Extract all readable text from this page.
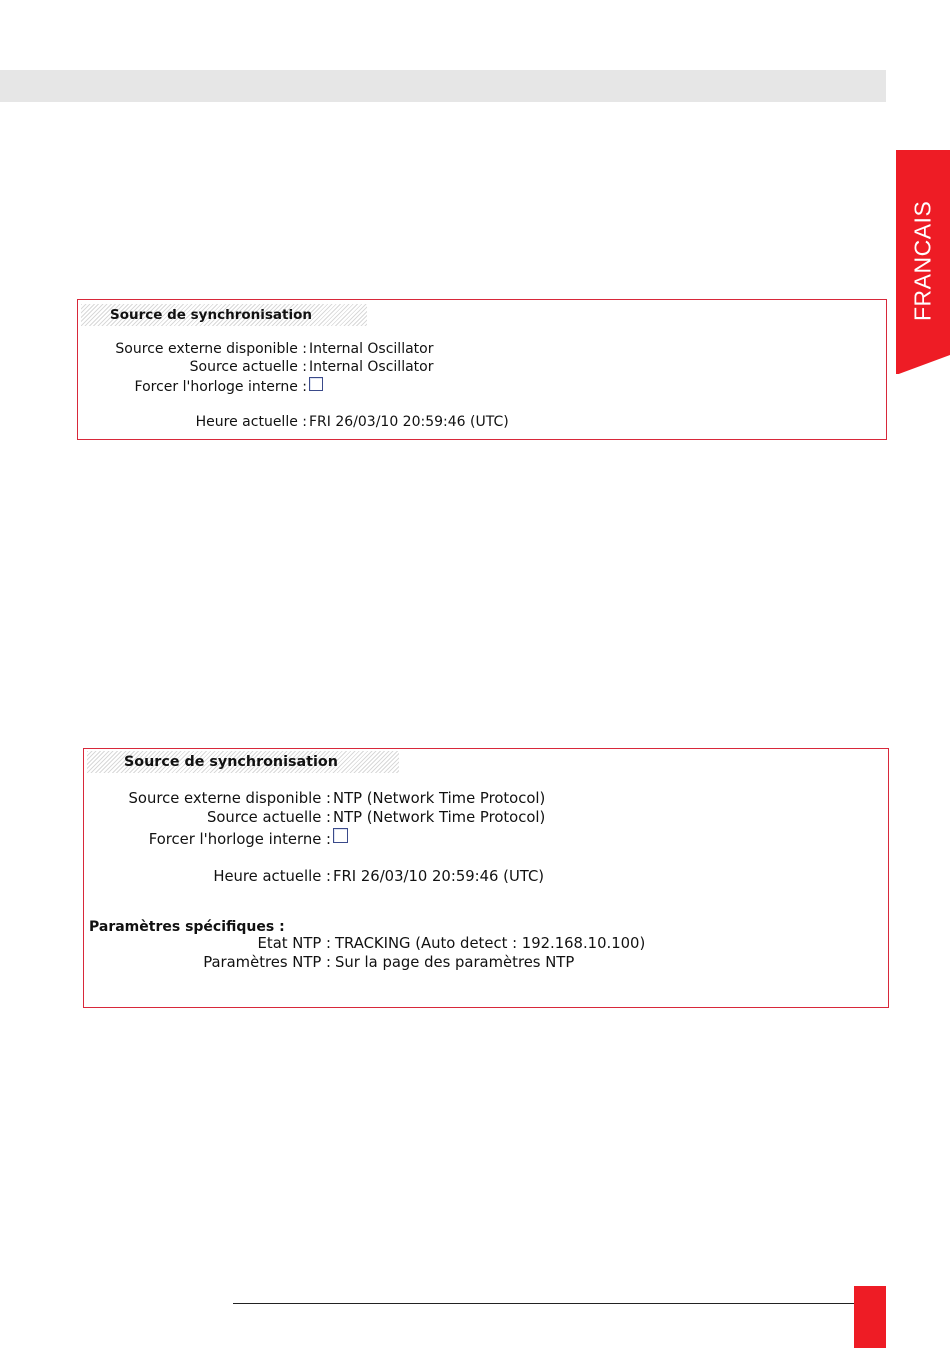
FRANCAIS
Source de synchronisation
Source externe disponible : Internal Oscillator
Source actuelle : Internal Oscillator
Forcer l'horloge interne :
Heure actuelle : FRI 26/03/10 20:59:46 (UTC)
Source de synchronisation
Source externe disponible : NTP (Network Time Protocol)
Source actuelle : NTP (Network Time Protocol)
Forcer l'horloge interne :
Heure actuelle : FRI 26/03/10 20:59:46 (UTC)
Paramètres spécifiques :
Etat NTP : TRACKING (Auto detect : 192.168.10.100)
Paramètres NTP : Sur la page des paramètres NTP
